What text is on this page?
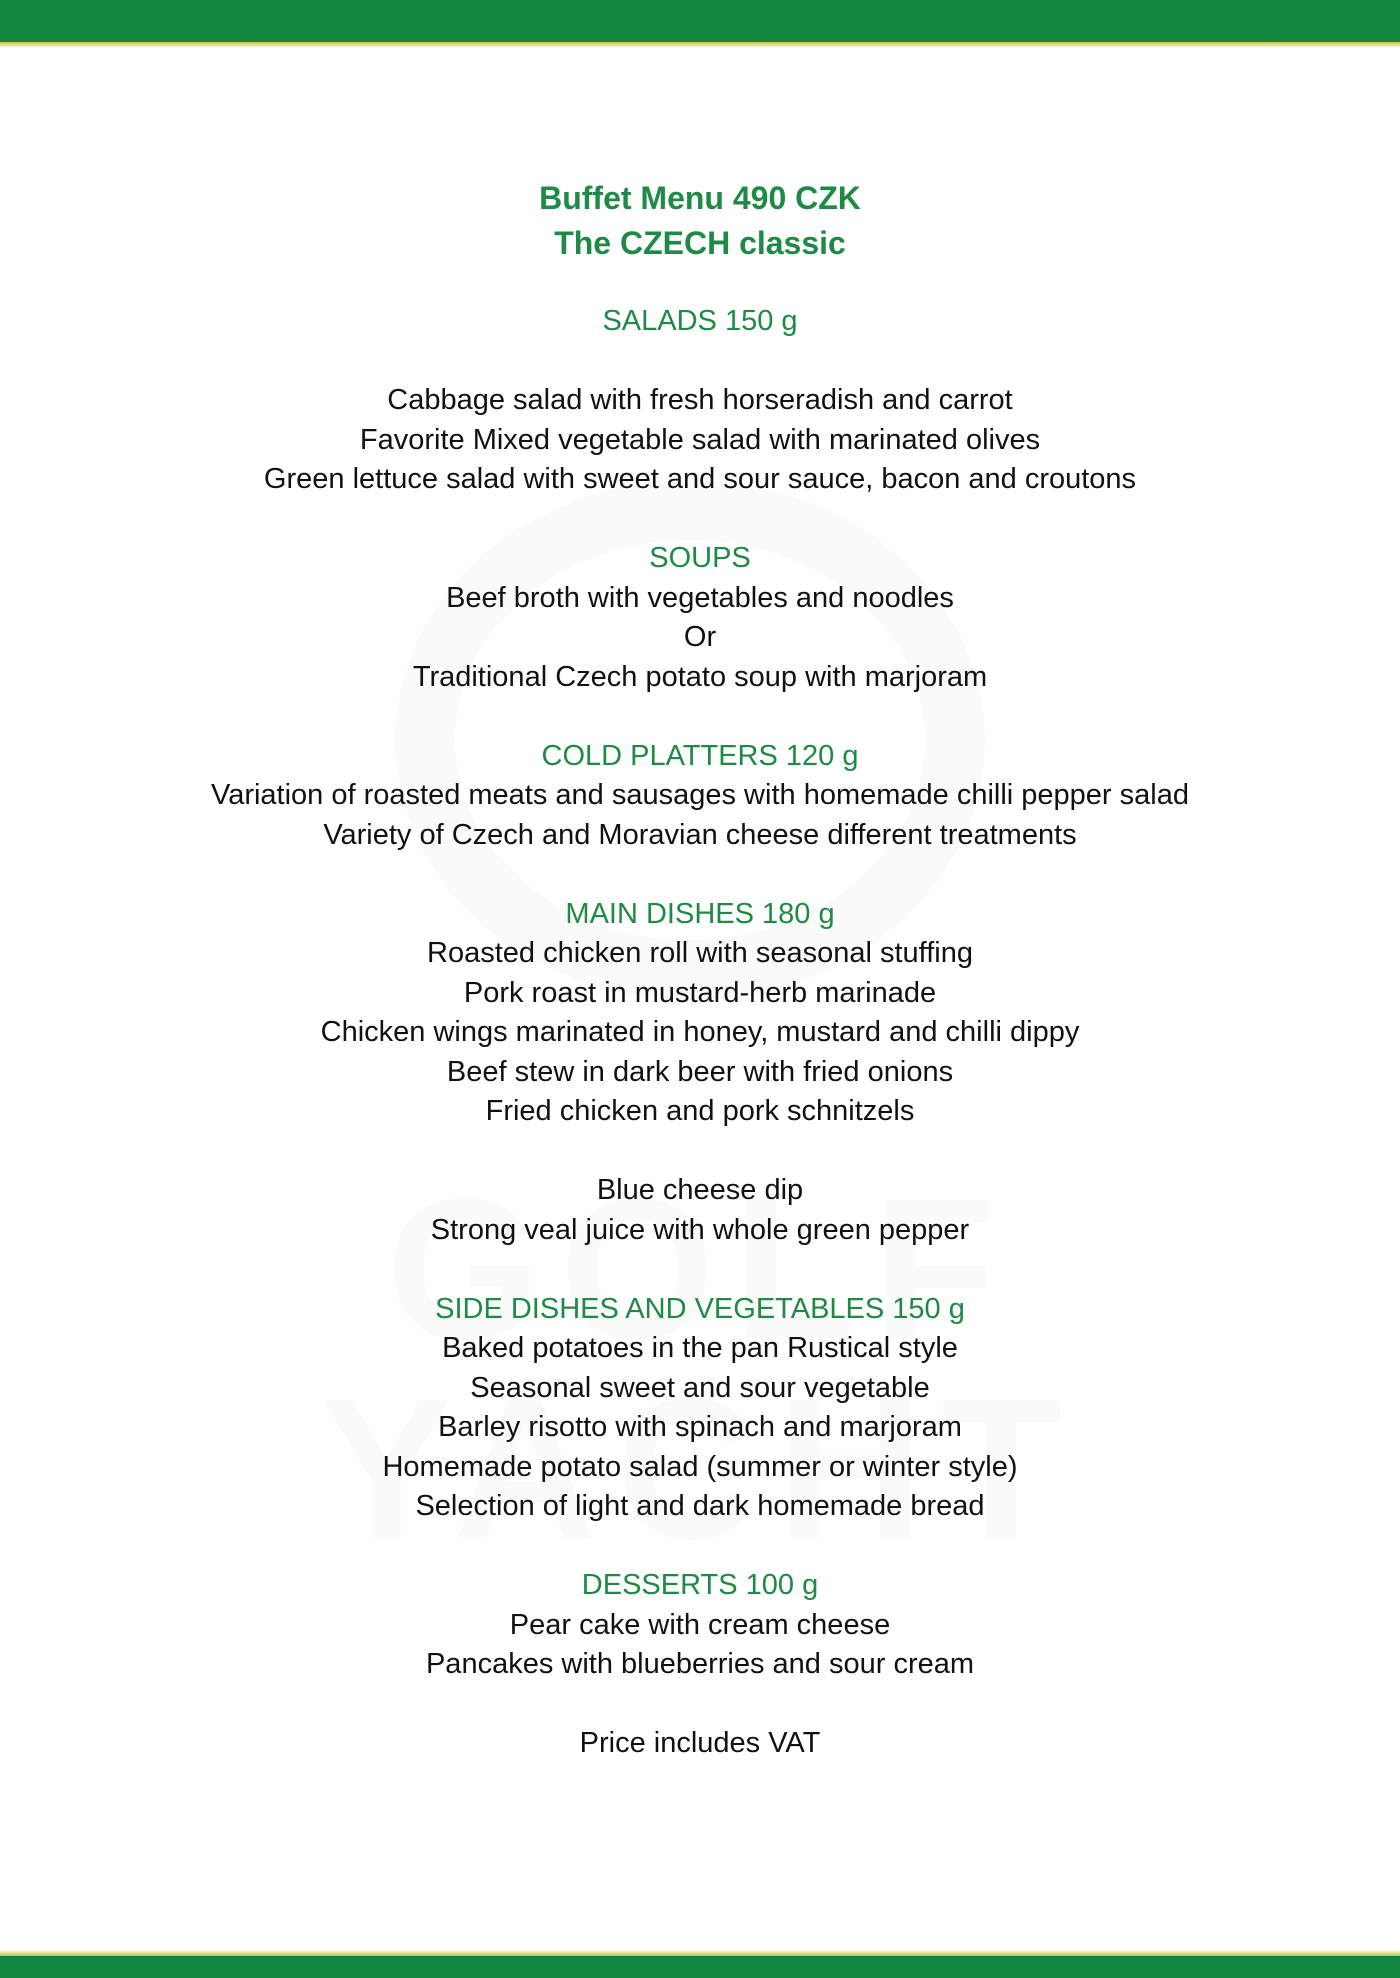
Buffet Menu 490 CZK
The CZECH classic
SALADS 150 g
Cabbage salad with fresh horseradish and carrot
Favorite Mixed vegetable salad with marinated olives
Green lettuce salad with sweet and sour sauce, bacon and croutons
SOUPS
Beef broth with vegetables and noodles
Or
Traditional Czech potato soup with marjoram
COLD PLATTERS 120 g
Variation of roasted meats and sausages with homemade chilli pepper salad
Variety of Czech and Moravian cheese different treatments
MAIN DISHES 180 g
Roasted chicken roll with seasonal stuffing
Pork roast in mustard-herb marinade
Chicken wings marinated in honey, mustard and chilli dippy
Beef stew in dark beer with fried onions
Fried chicken and pork schnitzels
Blue cheese dip
Strong veal juice with whole green pepper
SIDE DISHES AND VEGETABLES 150 g
Baked potatoes in the pan Rustical style
Seasonal sweet and sour vegetable
Barley risotto with spinach and marjoram
Homemade potato salad (summer or winter style)
Selection of light and dark homemade bread
DESSERTS 100 g
Pear cake with cream cheese
Pancakes with blueberries and sour cream
Price includes VAT
